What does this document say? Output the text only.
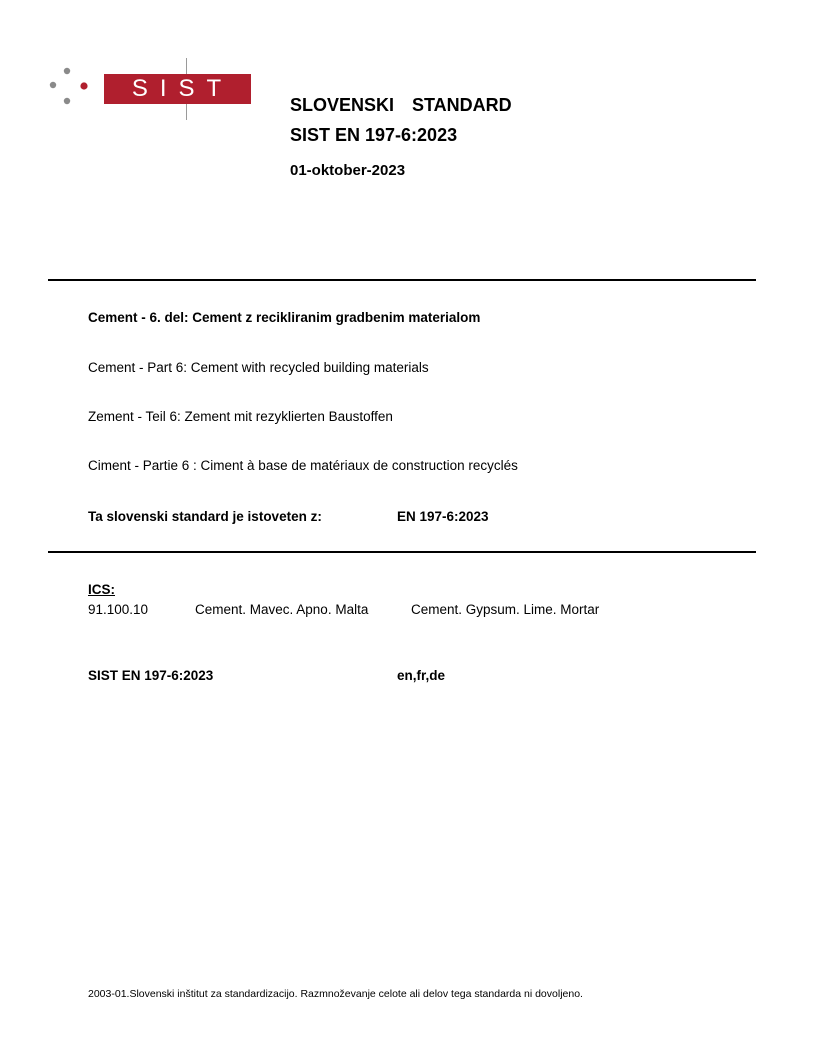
SIST
SLOVENSKI  STANDARD
SIST EN 197-6:2023
01-oktober-2023
Cement - 6. del: Cement z recikliranim gradbenim materialom
Cement - Part 6: Cement with recycled building materials
Zement - Teil 6: Zement mit rezyklierten Baustoffen
Ciment - Partie 6 : Ciment à base de matériaux de construction recyclés
Ta slovenski standard je istoveten z:	EN 197-6:2023
ICS:
91.100.10	Cement. Mavec. Apno. Malta	Cement. Gypsum. Lime. Mortar
SIST EN 197-6:2023	en,fr,de
2003-01.Slovenski inštitut za standardizacijo. Razmnoževanje celote ali delov tega standarda ni dovoljeno.
